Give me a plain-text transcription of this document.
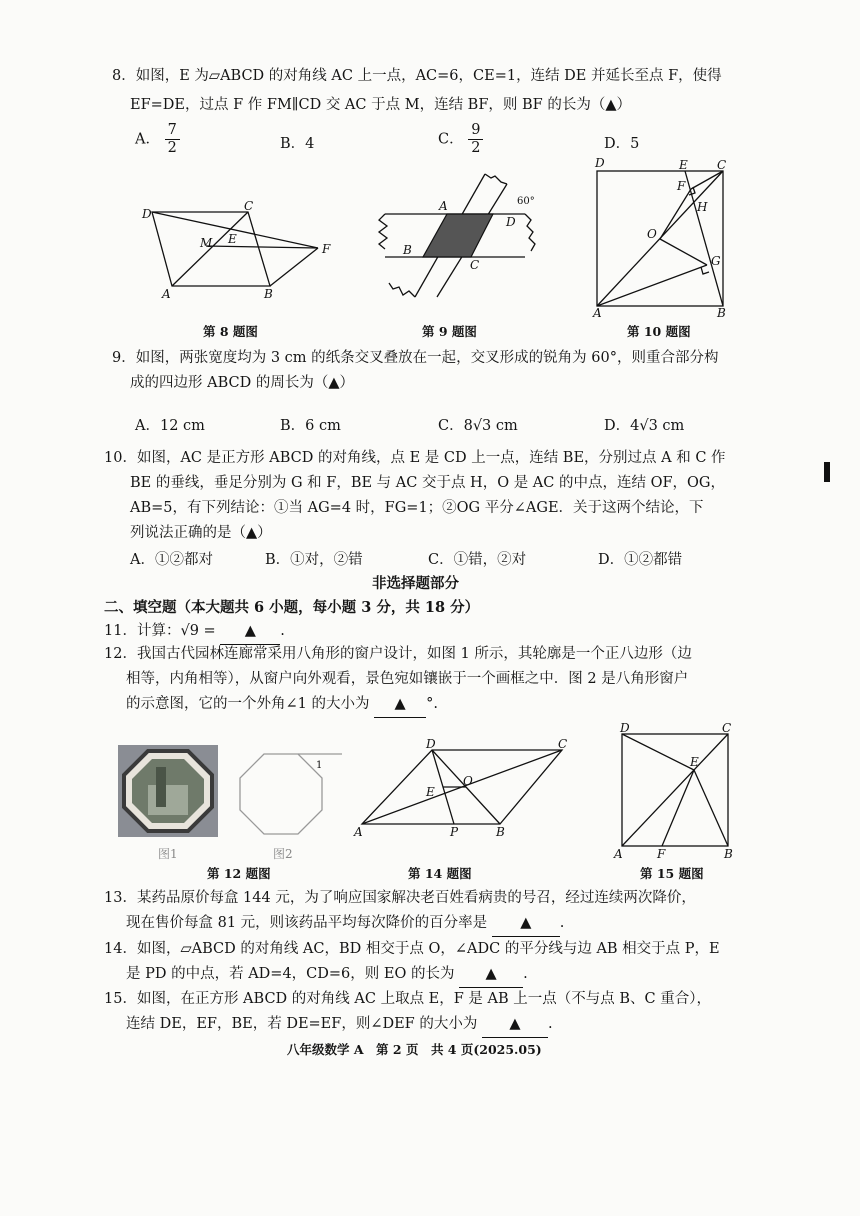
8．如图，E 为▱ABCD 的对角线 AC 上一点，AC=6，CE=1，连结 DE 并延长至点 F，使得
EF=DE，过点 F 作 FM∥CD 交 AC 于点 M，连结 BF，则 BF 的长为（▲）
A． $\frac{7}{2}$	B．4	C． $\frac{9}{2}$	D．5
D
C
M E
F
A	B
第 8 题图
A
D
B
C
60°
第 9 题图
D	E C
F
H
O
G
A	B
第 10 题图
9．如图，两张宽度均为 3 cm 的纸条交叉叠放在一起，交叉形成的锐角为 60°，则重合部分构
成的四边形 ABCD 的周长为（▲）
A．12 cm	B．6 cm	C．8√3 cm	D．4√3 cm
10．如图，AC 是正方形 ABCD 的对角线，点 E 是 CD 上一点，连结 BE，分别过点 A 和 C 作
BE 的垂线，垂足分别为 G 和 F，BE 与 AC 交于点 H，O 是 AC 的中点，连结 OF，OG，
AB=5，有下列结论：①当 AG=4 时，FG=1；②OG 平分∠AGE．关于这两个结论，下
列说法正确的是（▲）
A．①②都对	B．①对，②错	C．①错，②对	D．①②都错
非选择题部分
二、填空题（本大题共 6 小题，每小题 3 分，共 18 分）
11．计算：√9 = ▲ .
12．我国古代园林连廊常采用八角形的窗户设计，如图 1 所示，其轮廓是一个正八边形（边
相等，内角相等），从窗户向外观看，景色宛如镶嵌于一个画框之中．图 2 是八角形窗户
的示意图，它的一个外角∠1 的大小为 ▲ °.
1
图1	图2
第 12 题图
D	C
O
E
A	P	B
第 14 题图
D	C
E
A	F	B
第 15 题图
13．某药品原价每盒 144 元，为了响应国家解决老百姓看病贵的号召，经过连续两次降价，
现在售价每盒 81 元，则该药品平均每次降价的百分率是 ▲ .
14．如图，▱ABCD 的对角线 AC，BD 相交于点 O，∠ADC 的平分线与边 AB 相交于点 P，E
是 PD 的中点，若 AD=4，CD=6，则 EO 的长为 ▲ .
15．如图，在正方形 ABCD 的对角线 AC 上取点 E，F 是 AB 上一点（不与点 B、C 重合），
连结 DE，EF，BE，若 DE=EF，则∠DEF 的大小为 ▲ .
八年级数学 A　第 2 页　共 4 页(2025.05)
